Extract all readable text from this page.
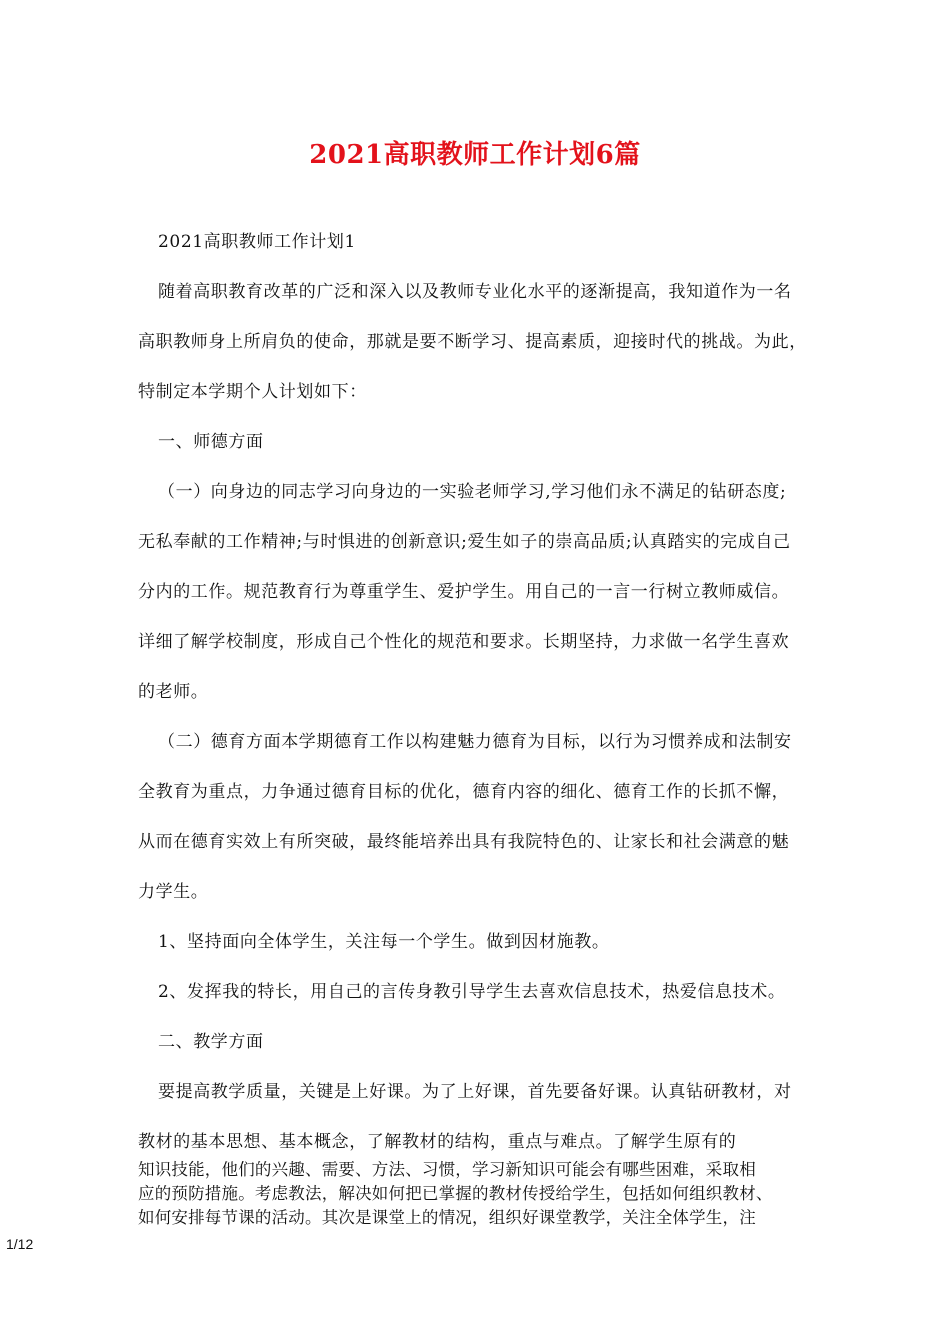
2021高职教师工作计划6篇
2021高职教师工作计划1
随着高职教育改革的广泛和深入以及教师专业化水平的逐渐提高，我知道作为一名
高职教师身上所肩负的使命，那就是要不断学习、提高素质，迎接时代的挑战。为此，
特制定本学期个人计划如下：
一、师德方面
（一）向身边的同志学习向身边的一实验老师学习,学习他们永不满足的钻研态度;
无私奉献的工作精神;与时惧进的创新意识;爱生如子的崇高品质;认真踏实的完成自己
分内的工作。规范教育行为尊重学生、爱护学生。用自己的一言一行树立教师威信。
详细了解学校制度，形成自己个性化的规范和要求。长期坚持，力求做一名学生喜欢
的老师。
（二）德育方面本学期德育工作以构建魅力德育为目标，以行为习惯养成和法制安
全教育为重点，力争通过德育目标的优化，德育内容的细化、德育工作的长抓不懈，
从而在德育实效上有所突破，最终能培养出具有我院特色的、让家长和社会满意的魅
力学生。
1、坚持面向全体学生，关注每一个学生。做到因材施教。
2、发挥我的特长，用自己的言传身教引导学生去喜欢信息技术，热爱信息技术。
二、教学方面
要提高教学质量，关键是上好课。为了上好课，首先要备好课。认真钻研教材，对
教材的基本思想、基本概念，了解教材的结构，重点与难点。了解学生原有的
知识技能，他们的兴趣、需要、方法、习惯，学习新知识可能会有哪些困难，采取相
应的预防措施。考虑教法，解决如何把已掌握的教材传授给学生，包括如何组织教材、
如何安排每节课的活动。其次是课堂上的情况，组织好课堂教学，关注全体学生，注
1/12
